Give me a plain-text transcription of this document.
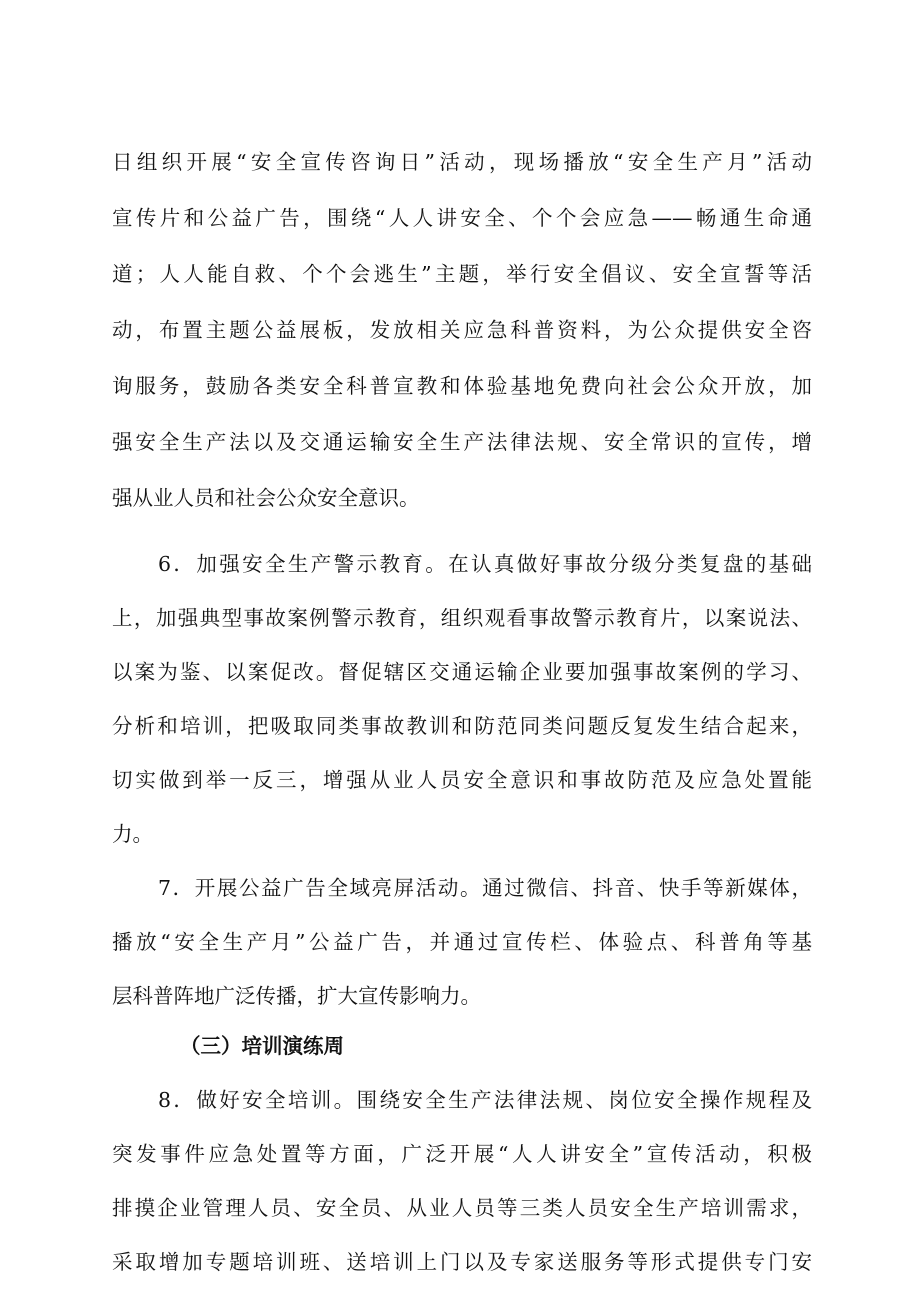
日组织开展“安全宣传咨询日”活动，现场播放“安全生产月”活动
宣传片和公益广告，围绕“人人讲安全、个个会应急——畅通生命通
道；人人能自救、个个会逃生”主题，举行安全倡议、安全宣誓等活
动，布置主题公益展板，发放相关应急科普资料，为公众提供安全咨
询服务，鼓励各类安全科普宣教和体验基地免费向社会公众开放，加
强安全生产法以及交通运输安全生产法律法规、安全常识的宣传，增
强从业人员和社会公众安全意识。
6．加强安全生产警示教育。在认真做好事故分级分类复盘的基础
上，加强典型事故案例警示教育，组织观看事故警示教育片，以案说法、
以案为鉴、以案促改。督促辖区交通运输企业要加强事故案例的学习、
分析和培训，把吸取同类事故教训和防范同类问题反复发生结合起来，
切实做到举一反三，增强从业人员安全意识和事故防范及应急处置能
力。
7．开展公益广告全域亮屏活动。通过微信、抖音、快手等新媒体，
播放“安全生产月”公益广告，并通过宣传栏、体验点、科普角等基
层科普阵地广泛传播，扩大宣传影响力。
（三）培训演练周
8．做好安全培训。围绕安全生产法律法规、岗位安全操作规程及
突发事件应急处置等方面，广泛开展“人人讲安全”宣传活动，积极
排摸企业管理人员、安全员、从业人员等三类人员安全生产培训需求，
采取增加专题培训班、送培训上门以及专家送服务等形式提供专门安
